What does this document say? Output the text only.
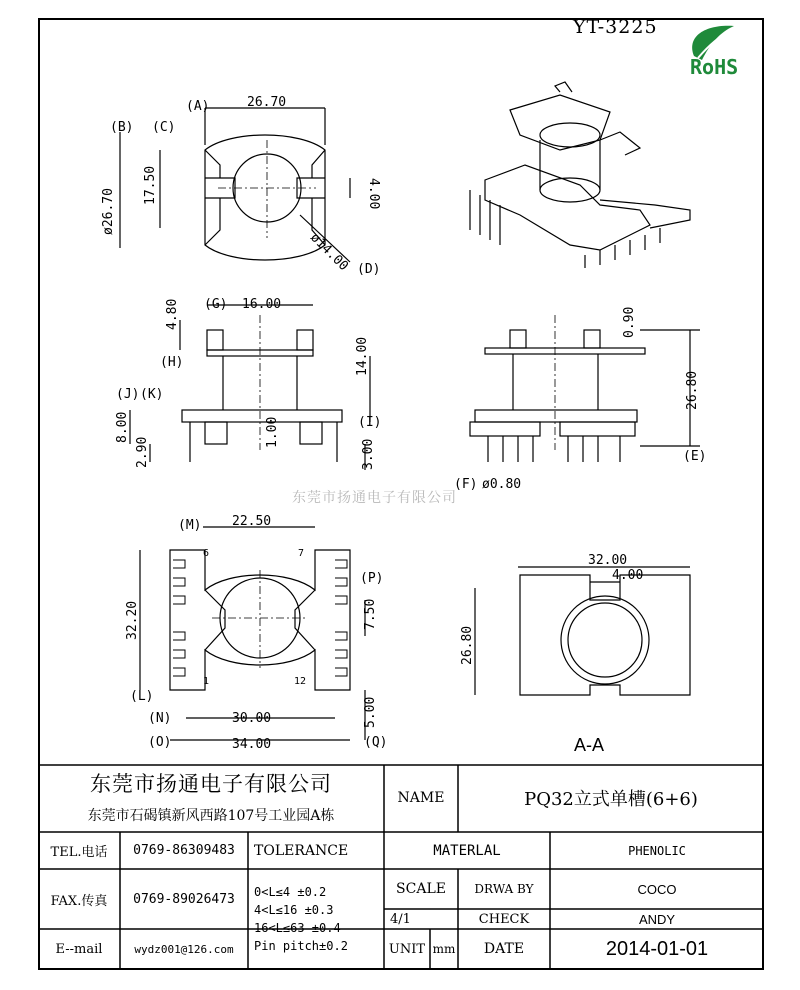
YT-3225
RoHS
(A)	26.70
(B) (C)
ø26.70
17.50	4.00
ø14.00 (D)
(G) 16.00
4.80
(H)	14.00
(I)
(J) (K)
8.00
2.90
1.00
3.00
0.90
26.80
(E)
(F) ø0.80
(M) 22.50
32.20
(P)
7.50
(L)
(N)	30.00
(O)	34.00
5.00
(Q)
6	7
1	12
32.00
4.00
26.80
东莞市扬通电子有限公司
A-A
东莞市扬通电子有限公司
东莞市石碣镇新风西路107号工业园A栋
NAME	PQ32立式单槽(6+6)
TEL.电话	0769-86309483	TOLERANCE	MATERLAL	PHENOLIC
FAX.传真	0769-89026473	0<L≤4 ±0.2
4<L≤16 ±0.3
16<L≤63 ±0.4
Pin pitch±0.2
SCALE	DRWA BY	COCO
4/1	CHECK	ANDY
E--mail	wydz001@126.com	UNIT mm	DATE	2014-01-01
